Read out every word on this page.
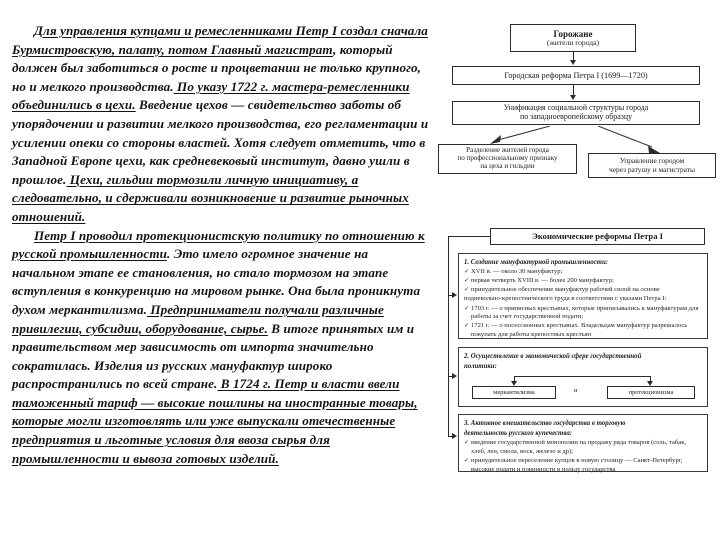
Для управления купцами и ремесленниками Петр I создал сначала Бурмистровскую, палату, потом Главный магистрат, который должен был заботиться о росте и процветании не только крупного, но и мелкого производства. По указу 1722 г. мастера-ремесленники объединились в цехи. Введение цехов — свидетельство заботы об упорядочении и развитии мелкого производства, его регламентации и усилении опеки со стороны властей. Хотя следует отметить, что в Западной Европе цехи, как средневековый институт, давно ушли в прошлое. Цехи, гильдии тормозили личную инициативу, а следовательно, и сдерживали возникновение и развитие рыночных отношений.

Петр I проводил протекционистскую политику по отношению к русской промышленности. Это имело огромное значение на начальном этапе ее становления, но стало тормозом на этапе вступления в конкуренцию на мировом рынке. Она была проникнута духом меркантилизма. Предприниматели получали различные привилегии, субсидии, оборудование, сырье. В итоге принятых им и правительством мер зависимость от импорта значительно сократилась. Изделия из русских мануфактур широко распространились по всей стране. В 1724 г. Петр и власти ввели таможенный тариф — высокие пошлины на иностранные товары, которые могли изготовлять или уже выпускали отечественные предприятия и льготные условия для ввоза сырья для промышленности и вывоза готовых изделий.

Горожане
(жители города)
Городская реформа Петра I (1699—1720)
Унификация социальной структуры города
по западноевропейскому образцу
Разделение жителей города
по профессиональному признаку
на цеха и гильдии
Управление городом
через ратушу и магистраты
Экономические реформы Петра I
1. Создание мануфактурной промышленности:
✓ XVII в. — около 30 мануфактур;
✓ первая четверть XVIII в. — более 200 мануфактур;
✓ принудительное обеспечение мануфактур рабочей силой на основе
подневольно-крепостнического труда в соответствии с указами Петра I:
✓ 1703 г. — о приписных крестьянах, которые приписывались к мануфактурам для работы за счет государственной подати;
✓ 1721 г. — о посессионных крестьянах. Владельцам мануфактур разрешалось покупать для работы крепостных крестьян
2. Осуществление в экономической сфере государственной
политики:
меркантилизма	и	протекционизма
3. Активное вмешательство государства в торговую
деятельность русского купечества:
✓ введение государственной монополии на продажу ряда товаров (соль, табак, хлеб, лен, смола, воск, железо и др);
✓ принудительное переселение купцов в новую столицу — Санкт-Петербург, высокие подати и повинности в пользу государства
